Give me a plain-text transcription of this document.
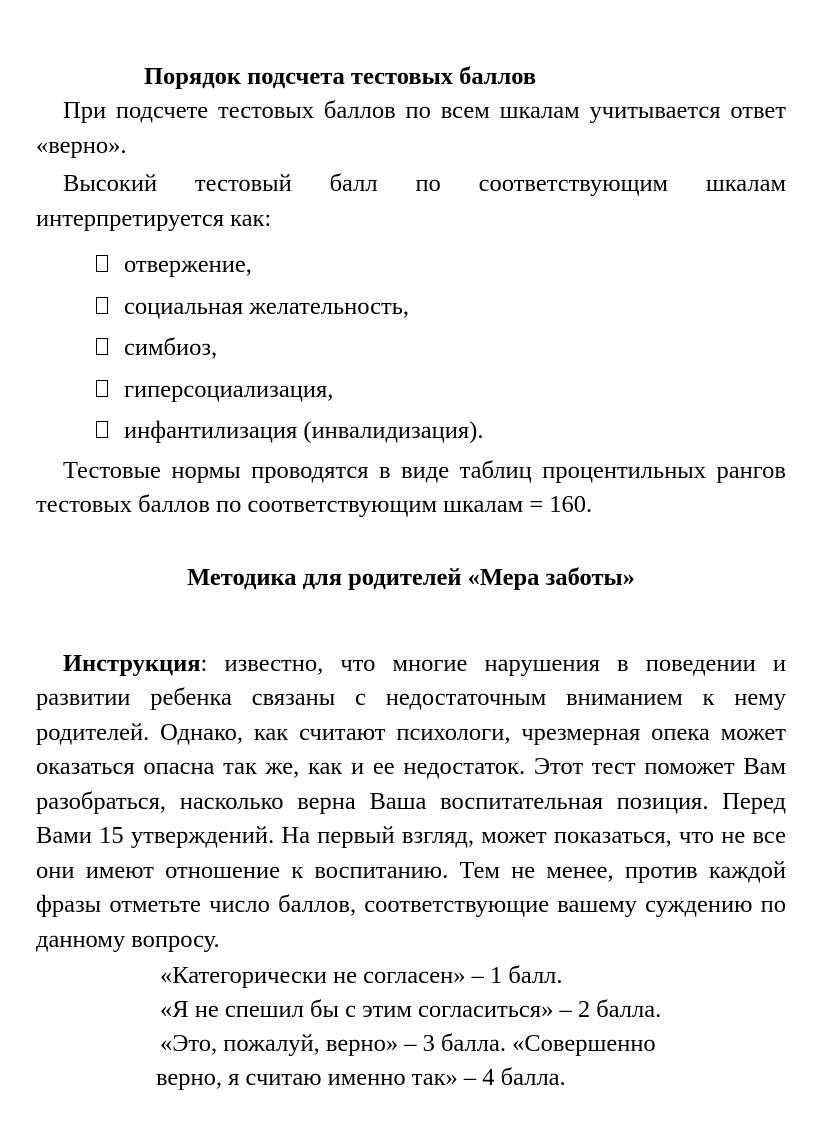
Порядок подсчета тестовых баллов

При подсчете тестовых баллов по всем шкалам учитывается ответ «верно».

Высокий тестовый балл по соответствующим шкалам интерпретируется как:

отвержение,
социальная желательность,
симбиоз,
гиперсоциализация,
инфантилизация (инвалидизация).

Тестовые нормы проводятся в виде таблиц процентильных рангов тестовых баллов по соответствующим шкалам = 160.

Методика для родителей «Мера заботы»

Инструкция: известно, что многие нарушения в поведении и развитии ребенка связаны с недостаточным вниманием к нему родителей. Однако, как считают психологи, чрезмерная опека может оказаться опасна так же, как и ее недостаток. Этот тест поможет Вам разобраться, насколько верна Ваша воспитательная позиция. Перед Вами 15 утверждений. На первый взгляд, может показаться, что не все они имеют отношение к воспитанию. Тем не менее, против каждой фразы отметьте число баллов, соответствующие вашему суждению по данному вопросу.

«Категорически не согласен» – 1 балл.

«Я не спешил бы с этим согласиться» – 2 балла.

«Это, пожалуй, верно» – 3 балла. «Совершенно

верно, я считаю именно так» – 4 балла.
